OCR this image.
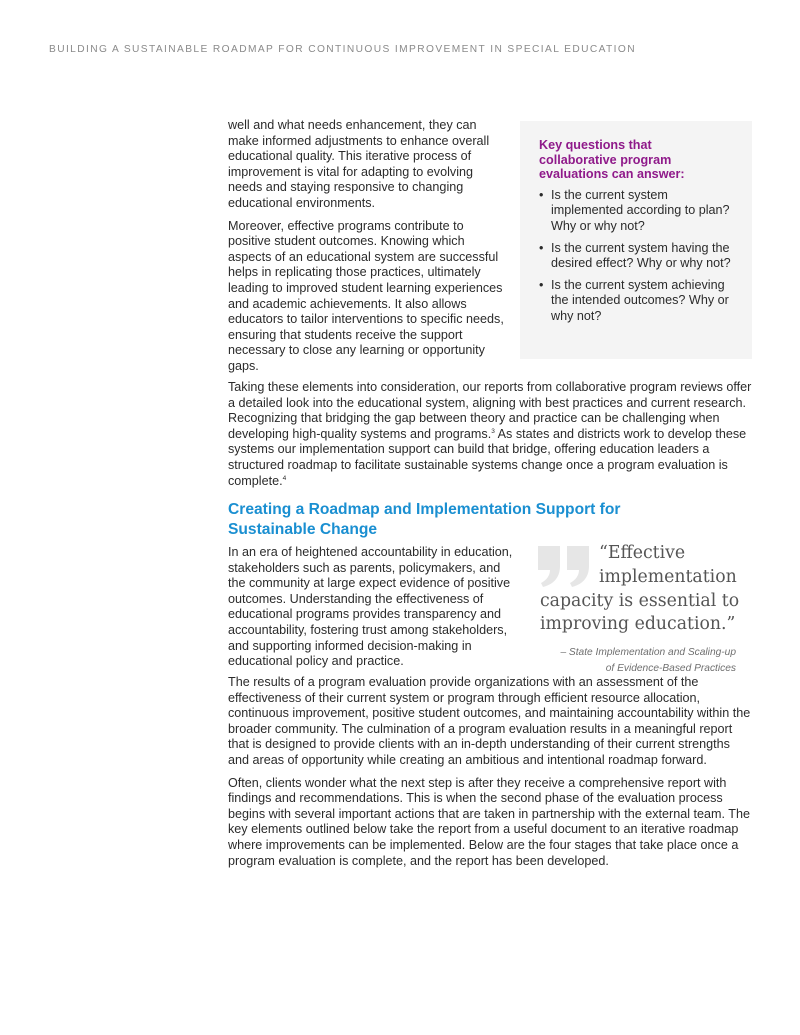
BUILDING A SUSTAINABLE ROADMAP FOR CONTINUOUS IMPROVEMENT IN SPECIAL EDUCATION

well and what needs enhancement, they can make informed adjustments to enhance overall educational quality. This iterative process of improvement is vital for adapting to evolving needs and staying responsive to changing educational environments.

Moreover, effective programs contribute to positive student outcomes. Knowing which aspects of an educational system are successful helps in replicating those practices, ultimately leading to improved student learning experiences and academic achievements. It also allows educators to tailor interventions to specific needs, ensuring that students receive the support necessary to close any learning or opportunity gaps.

Key questions that collaborative program evaluations can answer:
• Is the current system implemented according to plan? Why or why not?
• Is the current system having the desired effect? Why or why not?
• Is the current system achieving the intended outcomes? Why or why not?

Taking these elements into consideration, our reports from collaborative program reviews offer a detailed look into the educational system, aligning with best practices and current research. Recognizing that bridging the gap between theory and practice can be challenging when developing high-quality systems and programs.$^3$ As states and districts work to develop these systems our implementation support can build that bridge, offering education leaders a structured roadmap to facilitate sustainable systems change once a program evaluation is complete.$^4$

Creating a Roadmap and Implementation Support for Sustainable Change

In an era of heightened accountability in education, stakeholders such as parents, policymakers, and the community at large expect evidence of positive outcomes. Understanding the effectiveness of educational programs provides transparency and accountability, fostering trust among stakeholders, and supporting informed decision-making in educational policy and practice.

“Effective
implementation
capacity is essential to improving education.”
– State Implementation and Scaling-up
of Evidence-Based Practices

The results of a program evaluation provide organizations with an assessment of the effectiveness of their current system or program through efficient resource allocation, continuous improvement, positive student outcomes, and maintaining accountability within the broader community. The culmination of a program evaluation results in a meaningful report that is designed to provide clients with an in-depth understanding of their current strengths and areas of opportunity while creating an ambitious and intentional roadmap forward.

Often, clients wonder what the next step is after they receive a comprehensive report with findings and recommendations. This is when the second phase of the evaluation process begins with several important actions that are taken in partnership with the external team. The key elements outlined below take the report from a useful document to an iterative roadmap where improvements can be implemented. Below are the four stages that take place once a program evaluation is complete, and the report has been developed.
